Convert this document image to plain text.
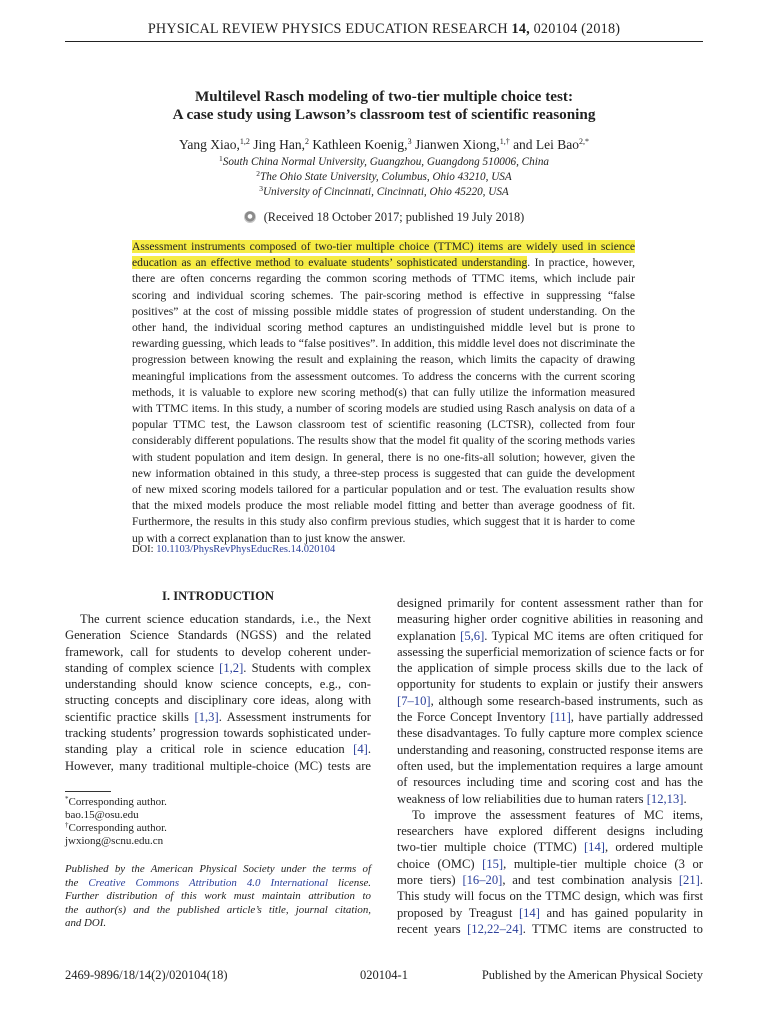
PHYSICAL REVIEW PHYSICS EDUCATION RESEARCH 14, 020104 (2018)
Multilevel Rasch modeling of two-tier multiple choice test:
A case study using Lawson’s classroom test of scientific reasoning
Yang Xiao,$^{1,2}$ Jing Han,$^2$ Kathleen Koenig,$^3$ Jianwen Xiong,$^{1,\dagger}$ and Lei Bao$^{2,*}$
$^1$South China Normal University, Guangzhou, Guangdong 510006, China
$^2$The Ohio State University, Columbus, Ohio 43210, USA
$^3$University of Cincinnati, Cincinnati, Ohio 45220, USA
(Received 18 October 2017; published 19 July 2018)
Assessment instruments composed of two-tier multiple choice (TTMC) items are widely used in science
education as an effective method to evaluate students’ sophisticated understanding. In practice, however,
there are often concerns regarding the common scoring methods of TTMC items, which include pair
scoring and individual scoring schemes. The pair-scoring method is effective in suppressing “false
positives” at the cost of missing possible middle states of progression of student understanding. On the
other hand, the individual scoring method captures an undistinguished middle level but is prone to
rewarding guessing, which leads to “false positives”. In addition, this middle level does not discriminate the
progression between knowing the result and explaining the reason, which limits the capacity of drawing
meaningful implications from the assessment outcomes. To address the concerns with the current scoring
methods, it is valuable to explore new scoring method(s) that can fully utilize the information measured
with TTMC items. In this study, a number of scoring models are studied using Rasch analysis on data of a
popular TTMC test, the Lawson classroom test of scientific reasoning (LCTSR), collected from four
considerably different populations. The results show that the model fit quality of the scoring methods varies
with student population and item design. In general, there is no one-fits-all solution; however, given the
new information obtained in this study, a three-step process is suggested that can guide the development
of new mixed scoring models tailored for a particular population and or test. The evaluation results show
that the mixed models produce the most reliable model fitting and better than average goodness of fit.
Furthermore, the results in this study also confirm previous studies, which suggest that it is harder to come
up with a correct explanation than to just know the answer.
DOI: 10.1103/PhysRevPhysEducRes.14.020104
I. INTRODUCTION
The current science education standards, i.e., the Next
Generation Science Standards (NGSS) and the related
framework, call for students to develop coherent under-
standing of complex science [1,2]. Students with complex
understanding should know science concepts, e.g., con-
structing concepts and disciplinary core ideas, along with
scientific practice skills [1,3]. Assessment instruments for
tracking students’ progression towards sophisticated under-
standing play a critical role in science education [4].
However, many traditional multiple-choice (MC) tests are
designed primarily for content assessment rather than for
measuring higher order cognitive abilities in reasoning and
explanation [5,6]. Typical MC items are often critiqued for
assessing the superficial memorization of science facts or for
the application of simple process skills due to the lack of
opportunity for students to explain or justify their answers
[7–10], although some research-based instruments, such as
the Force Concept Inventory [11], have partially addressed
these disadvantages. To fully capture more complex science
understanding and reasoning, constructed response items are
often used, but the implementation requires a large amount
of resources including time and scoring cost and has the
weakness of low reliabilities due to human raters [12,13].
To improve the assessment features of MC items,
researchers have explored different designs including
two-tier multiple choice (TTMC) [14], ordered multiple
choice (OMC) [15], multiple-tier multiple choice (3 or
more tiers) [16–20], and test combination analysis [21].
This study will focus on the TTMC design, which was first
proposed by Treagust [14] and has gained popularity in
recent years [12,22–24]. TTMC items are constructed to
*Corresponding author.
bao.15@osu.edu
†Corresponding author.
jwxiong@scnu.edu.cn
Published by the American Physical Society under the terms of
the Creative Commons Attribution 4.0 International license.
Further distribution of this work must maintain attribution to
the author(s) and the published article’s title, journal citation,
and DOI.
2469-9896/18/14(2)/020104(18)	020104-1	Published by the American Physical Society
